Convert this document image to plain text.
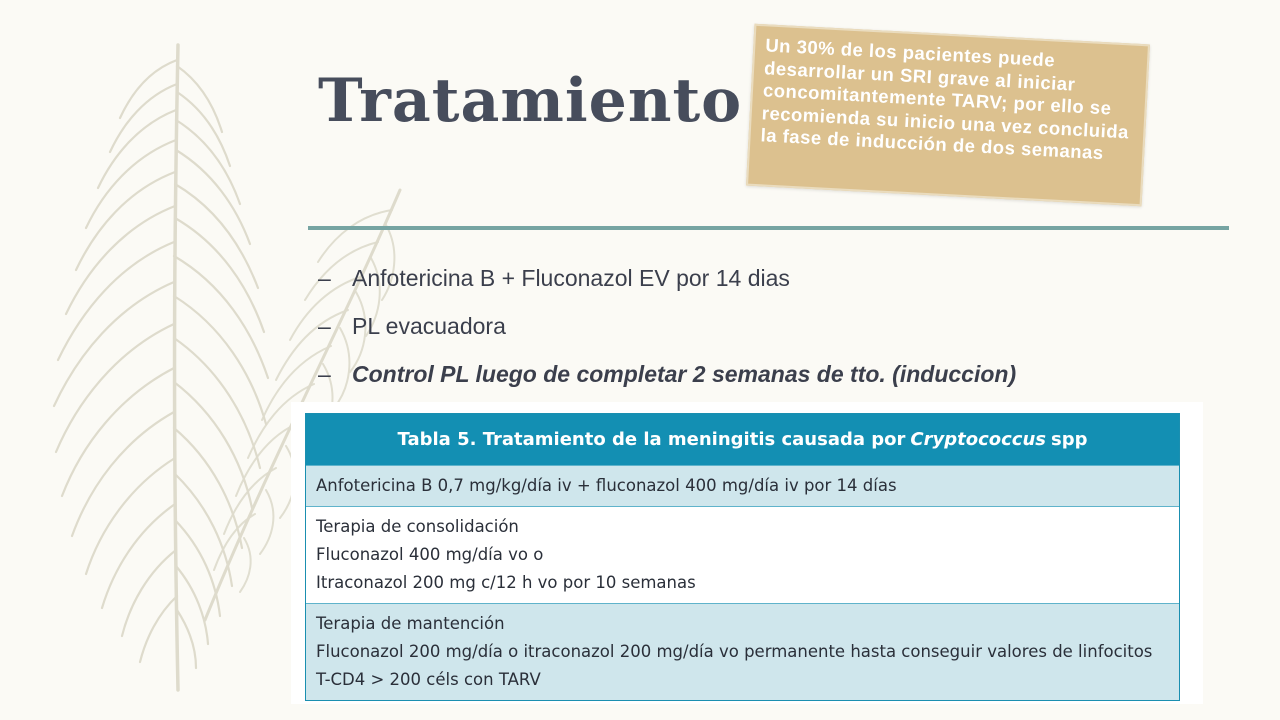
Tratamiento
Un 30% de los pacientes puede desarrollar un SRI grave al iniciar concomitantemente TARV; por ello se recomienda su inicio una vez concluida la fase de inducción de dos semanas
– Anfotericina B + Fluconazol EV por 14 dias
– PL evacuadora
– Control PL luego de completar 2 semanas de tto. (induccion)
Tabla 5. Tratamiento de la meningitis causada por Cryptococcus spp
Anfotericina B 0,7 mg/kg/día iv + fluconazol 400 mg/día iv por 14 días
Terapia de consolidación
Fluconazol 400 mg/día vo o
Itraconazol 200 mg c/12 h vo por 10 semanas
Terapia de mantención
Fluconazol 200 mg/día o itraconazol 200 mg/día vo permanente hasta conseguir valores de linfocitos
T-CD4 > 200 céls con TARV
